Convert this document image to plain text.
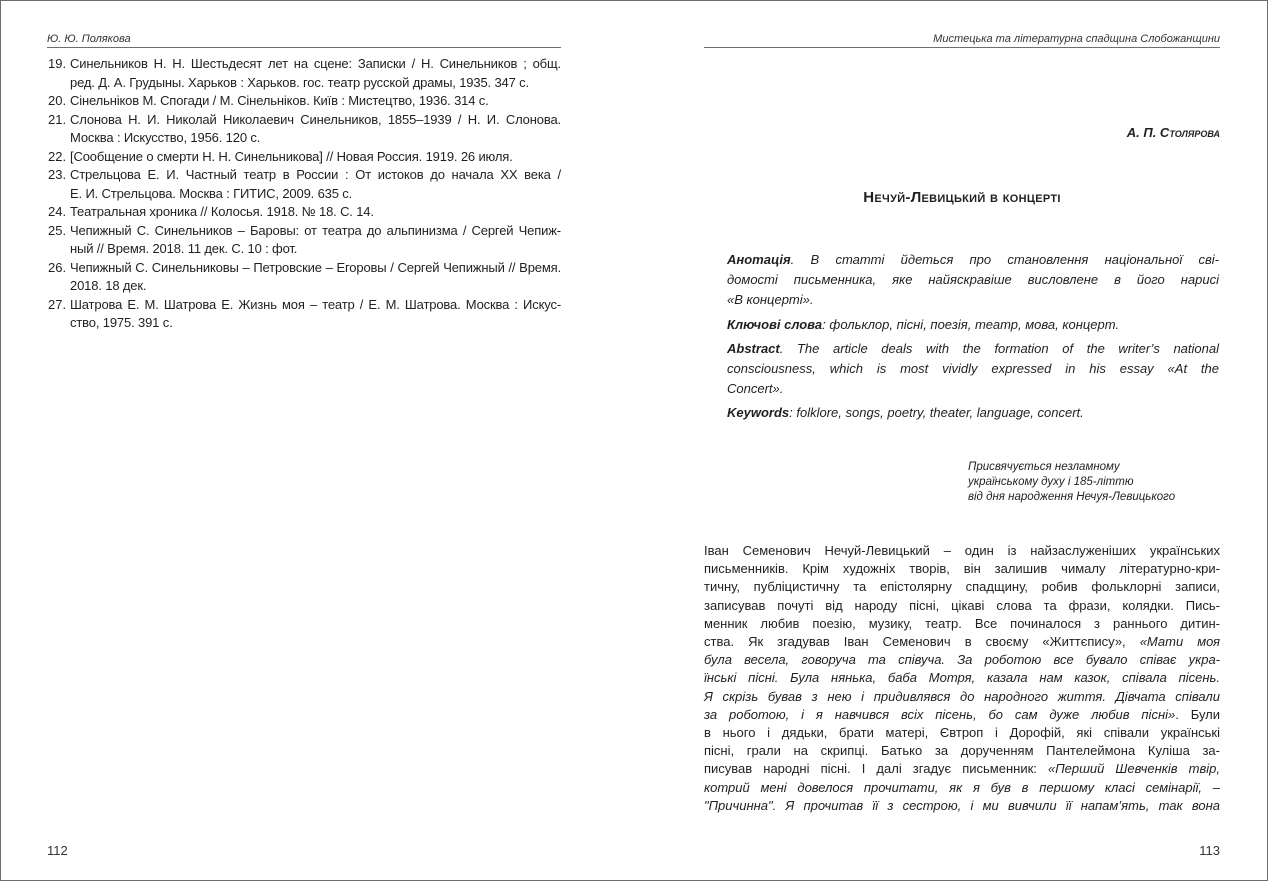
Ю. Ю. Полякова
19. Синельников Н. Н. Шестьдесят лет на сцене: Записки / Н. Синельников ; общ.
ред. Д. А. Грудыны. Харьков : Харьков. гос. театр русской драмы, 1935. 347 с.
20. Сінельніков М. Спогади / М. Сінельніков. Київ : Мистецтво, 1936. 314 с.
21. Слонова Н. И. Николай Николаевич Синельников, 1855–1939 / Н. И. Слонова.
Москва : Искусство, 1956. 120 с.
22. [Сообщение о смерти Н. Н. Синельникова] // Новая Россия. 1919. 26 июля.
23. Стрельцова Е. И. Частный театр в России : От истоков до начала XX века /
Е. И. Стрельцова. Москва : ГИТИС, 2009. 635 с.
24. Театральная хроника // Колосья. 1918. № 18. С. 14.
25. Чепижный С. Синельников – Баровы: от театра до альпинизма / Сергей Чепиж-
ный // Время. 2018. 11 дек. С. 10 : фот.
26. Чепижный С. Синельниковы – Петровские – Егоровы / Сергей Чепижный // Время.
2018. 18 дек.
27. Шатрова Е. М. Шатрова Е. Жизнь моя – театр / Е. М. Шатрова. Москва : Искус-
ство, 1975. 391 с.
112
Мистецька та літературна спадщина Слобожанщини
А. П. Столярова
Нечуй-Левицький в концерті
Анотація. В статті йдеться про становлення національної сві-
домості письменника, яке найяскравіше висловлене в його нарисі
«В концерті».
Ключові слова: фольклор, пісні, поезія, театр, мова, концерт.
Abstract. The article deals with the formation of the writer’s national
consciousness, which is most vividly expressed in his essay «At the
Concert».
Keywords: folklore, songs, poetry, theater, language, concert.
Присвячується незламному
українському духу і 185-літтю
від дня народження Нечуя-Левицького
Іван Семенович Нечуй-Левицький – один із найзаслуженіших українських
письменників. Крім художніх творів, він залишив чималу літературно-кри-
тичну, публіцистичну та епістолярну спадщину, робив фольклорні записи,
записував почуті від народу пісні, цікаві слова та фрази, колядки. Пись-
менник любив поезію, музику, театр. Все починалося з раннього дитин-
ства. Як згадував Іван Семенович в своєму «Життєпису», «Мати моя
була весела, говоруча та співуча. За роботою все бувало співає укра-
їнські пісні. Була нянька, баба Мотря, казала нам казок, співала пісень.
Я скрізь бував з нею і придивлявся до народного життя. Дівчата співали
за роботою, і я навчився всіх пісень, бо сам дуже любив пісні». Були
в нього і дядьки, брати матері, Євтроп і Дорофій, які співали українські
пісні, грали на скрипці. Батько за дорученням Пантелеймона Куліша за-
писував народні пісні. І далі згадує письменник: «Перший Шевченків твір,
котрий мені довелося прочитати, як я був в першому класі семінарії, –
"Причинна". Я прочитав її з сестрою, і ми вивчили її напам’ять, так вона
113
